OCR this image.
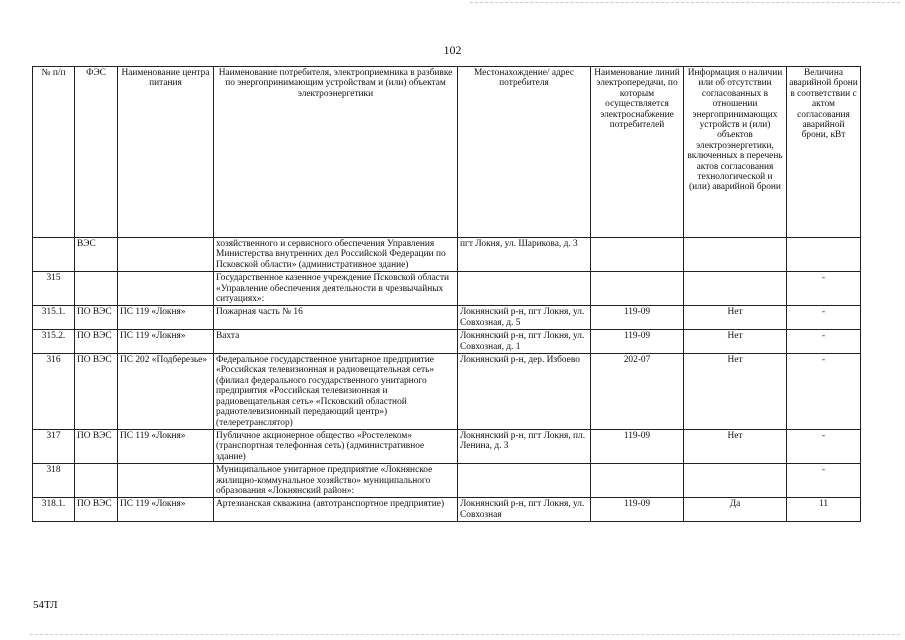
102
№ п/п	ФЭС	Наименование центра питания	Наименование потребителя, электроприемника в разбивке по энергопринимающим устройствам и (или) объектам электроэнергетики	Местонахождение/ адрес потребителя	Наименование линий электропередачи, по которым осуществляется электроснабжение потребителей	Информация о наличии или об отсутствии согласованных в отношении энергопринимающих устройств и (или) объектов электроэнергетики, включенных в перечень актов согласования технологической и (или) аварийной брони	Величина аварийной брони в соответствии с актом согласования аварийной брони, кВт
	ВЭС		хозяйственного и сервисного обеспечения Управления Министерства внутренних дел Российской Федерации по Псковской области» (административное здание)	пгт Локня, ул. Шарикова, д. 3			
315			Государственное казенное учреждение Псковской области «Управление обеспечения деятельности в чрезвычайных ситуациях»:				-
315.1.	ПО ВЭС	ПС 119 «Локня»	Пожарная часть № 16	Локнянский р-н, пгт Локня, ул. Совхозная, д. 5	119-09	Нет	-
315.2.	ПО ВЭС	ПС 119 «Локня»	Вахта	Локнянский р-н, пгт Локня, ул. Совхозная, д. 1	119-09	Нет	-
316	ПО ВЭС	ПС 202 «Подберезье»	Федеральное государственное унитарное предприятие «Российская телевизионная и радиовещательная сеть» (филиал федерального государственного унитарного предприятия «Российская телевизионная и радиовещательная сеть» «Псковский областной радиотелевизионный передающий центр») (телеретранслятор)	Локнянский р-н, дер. Избоево	202-07	Нет	-
317	ПО ВЭС	ПС 119 «Локня»	Публичное акционерное общество «Ростелеком» (транспортная телефонная сеть) (административное здание)	Локнянский р-н, пгт Локня, пл. Ленина, д. 3	119-09	Нет	-
318			Муниципальное унитарное предприятие «Локнянское жилищно-коммунальное хозяйство» муниципального образования «Локнянский район»:				-
318.1.	ПО ВЭС	ПС 119 «Локня»	Артезианская скважина (автотранспортное предприятие)	Локнянский р-н, пгт Локня, ул. Совхозная	119-09	Да	11
54ТЛ
